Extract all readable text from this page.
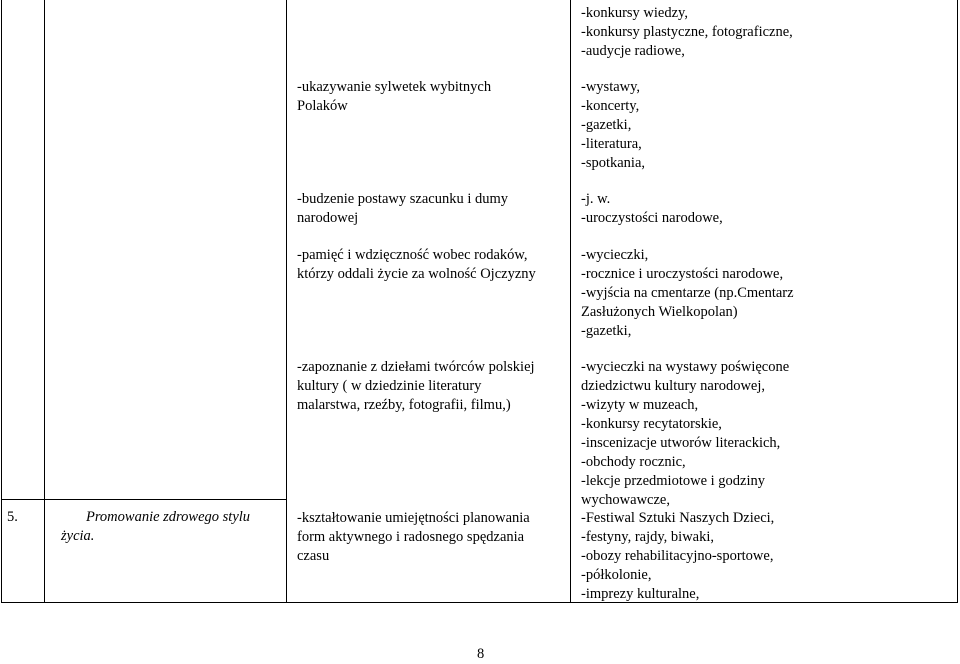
5.	Promowanie zdrowego stylu
życia.
-ukazywanie sylwetek wybitnych
Polaków
-budzenie postawy szacunku i dumy
narodowej
-pamięć i wdzięczność wobec rodaków,
którzy oddali życie za wolność Ojczyzny
-zapoznanie z dziełami twórców polskiej
kultury ( w dziedzinie literatury
malarstwa, rzeźby, fotografii, filmu,)
-kształtowanie umiejętności planowania
form aktywnego i radosnego spędzania
czasu
-konkursy wiedzy,
-konkursy plastyczne, fotograficzne,
-audycje radiowe,
-wystawy,
-koncerty,
-gazetki,
-literatura,
-spotkania,
-j. w.
-uroczystości narodowe,
-wycieczki,
-rocznice i uroczystości narodowe,
-wyjścia na cmentarze (np.Cmentarz
Zasłużonych Wielkopolan)
-gazetki,
-wycieczki na wystawy poświęcone
dziedzictwu kultury narodowej,
-wizyty w muzeach,
-konkursy recytatorskie,
-inscenizacje utworów literackich,
-obchody rocznic,
-lekcje przedmiotowe i godziny
wychowawcze,
-Festiwal Sztuki Naszych Dzieci,
-festyny, rajdy, biwaki,
-obozy rehabilitacyjno-sportowe,
-półkolonie,
-imprezy kulturalne,
8
